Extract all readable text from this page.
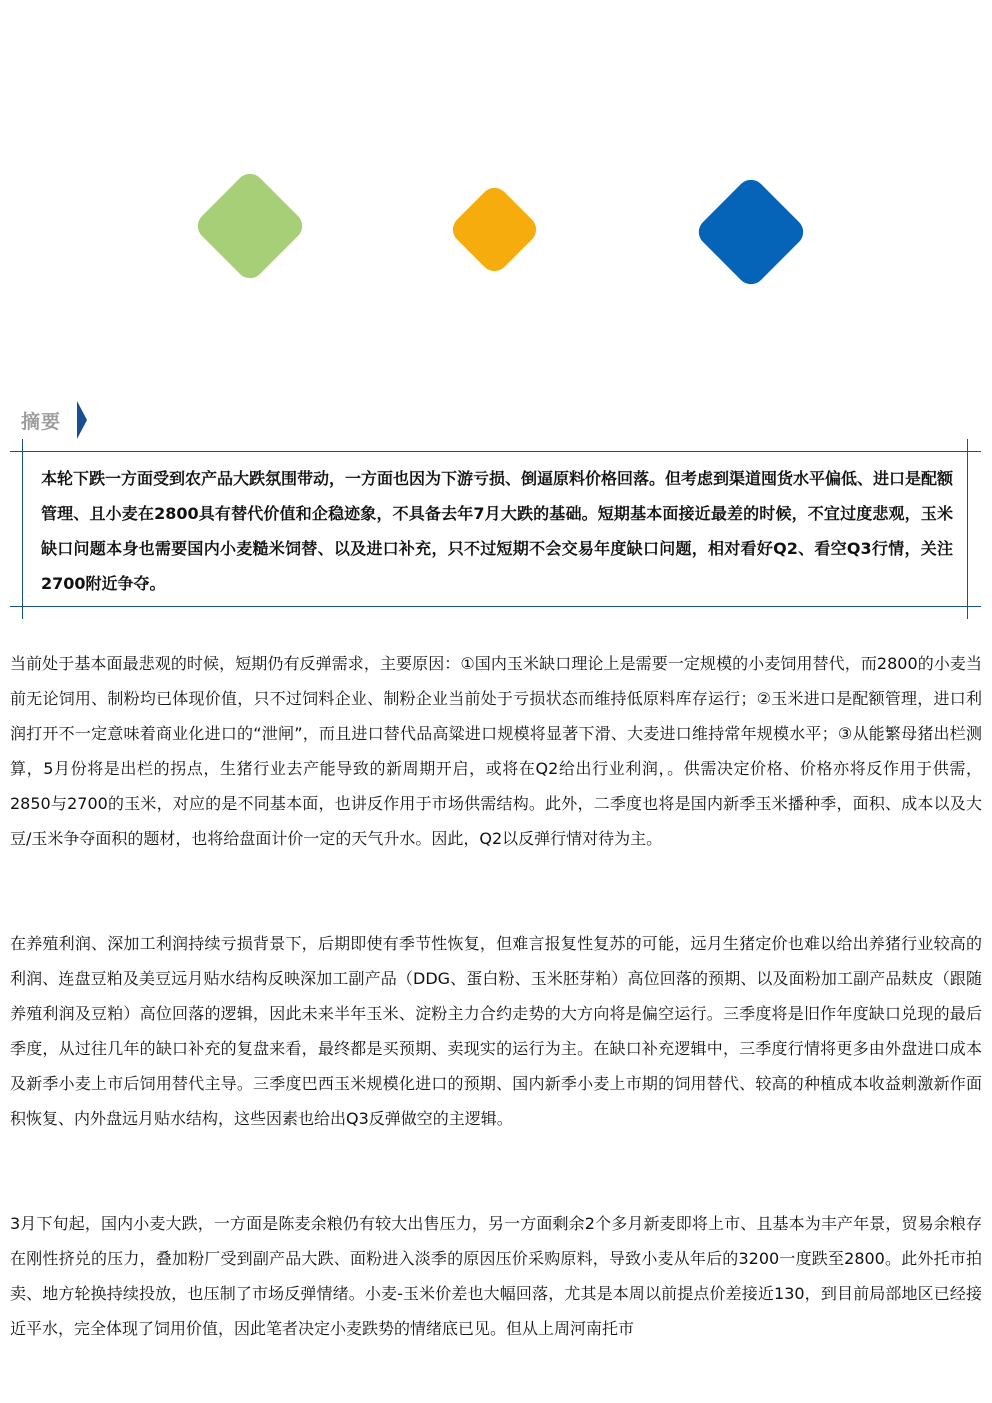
摘要

本轮下跌一方面受到农产品大跌氛围带动，一方面也因为下游亏损、倒逼原料价格回落。但考虑到渠道囤货水平偏低、进口是配额管理、且小麦在2800具有替代价值和企稳迹象，不具备去年7月大跌的基础。短期基本面接近最差的时候，不宜过度悲观，玉米缺口问题本身也需要国内小麦糙米饲替、以及进口补充，只不过短期不会交易年度缺口问题，相对看好Q2、看空Q3行情，关注2700附近争夺。

当前处于基本面最悲观的时候，短期仍有反弹需求，主要原因：①国内玉米缺口理论上是需要一定规模的小麦饲用替代，而2800的小麦当前无论饲用、制粉均已体现价值，只不过饲料企业、制粉企业当前处于亏损状态而维持低原料库存运行；②玉米进口是配额管理，进口利润打开不一定意味着商业化进口的“泄闸”，而且进口替代品高粱进口规模将显著下滑、大麦进口维持常年规模水平；③从能繁母猪出栏测算，5月份将是出栏的拐点，生猪行业去产能导致的新周期开启，或将在Q2给出行业利润，。供需决定价格、价格亦将反作用于供需，2850与2700的玉米，对应的是不同基本面，也讲反作用于市场供需结构。此外，二季度也将是国内新季玉米播种季，面积、成本以及大豆/玉米争夺面积的题材，也将给盘面计价一定的天气升水。因此，Q2以反弹行情对待为主。

在养殖利润、深加工利润持续亏损背景下，后期即使有季节性恢复，但难言报复性复苏的可能，远月生猪定价也难以给出养猪行业较高的利润、连盘豆粕及美豆远月贴水结构反映深加工副产品（DDG、蛋白粉、玉米胚芽粕）高位回落的预期、以及面粉加工副产品麸皮（跟随养殖利润及豆粕）高位回落的逻辑，因此未来半年玉米、淀粉主力合约走势的大方向将是偏空运行。三季度将是旧作年度缺口兑现的最后季度，从过往几年的缺口补充的复盘来看，最终都是买预期、卖现实的运行为主。在缺口补充逻辑中，三季度行情将更多由外盘进口成本及新季小麦上市后饲用替代主导。三季度巴西玉米规模化进口的预期、国内新季小麦上市期的饲用替代、较高的种植成本收益刺激新作面积恢复、内外盘远月贴水结构，这些因素也给出Q3反弹做空的主逻辑。

3月下旬起，国内小麦大跌，一方面是陈麦余粮仍有较大出售压力，另一方面剩余2个多月新麦即将上市、且基本为丰产年景，贸易余粮存在刚性挤兑的压力，叠加粉厂受到副产品大跌、面粉进入淡季的原因压价采购原料，导致小麦从年后的3200一度跌至2800。此外托市拍卖、地方轮换持续投放，也压制了市场反弹情绪。小麦-玉米价差也大幅回落，尤其是本周以前提点价差接近130，到目前局部地区已经接近平水，完全体现了饲用价值，因此笔者决定小麦跌势的情绪底已见。但从上周河南托市
